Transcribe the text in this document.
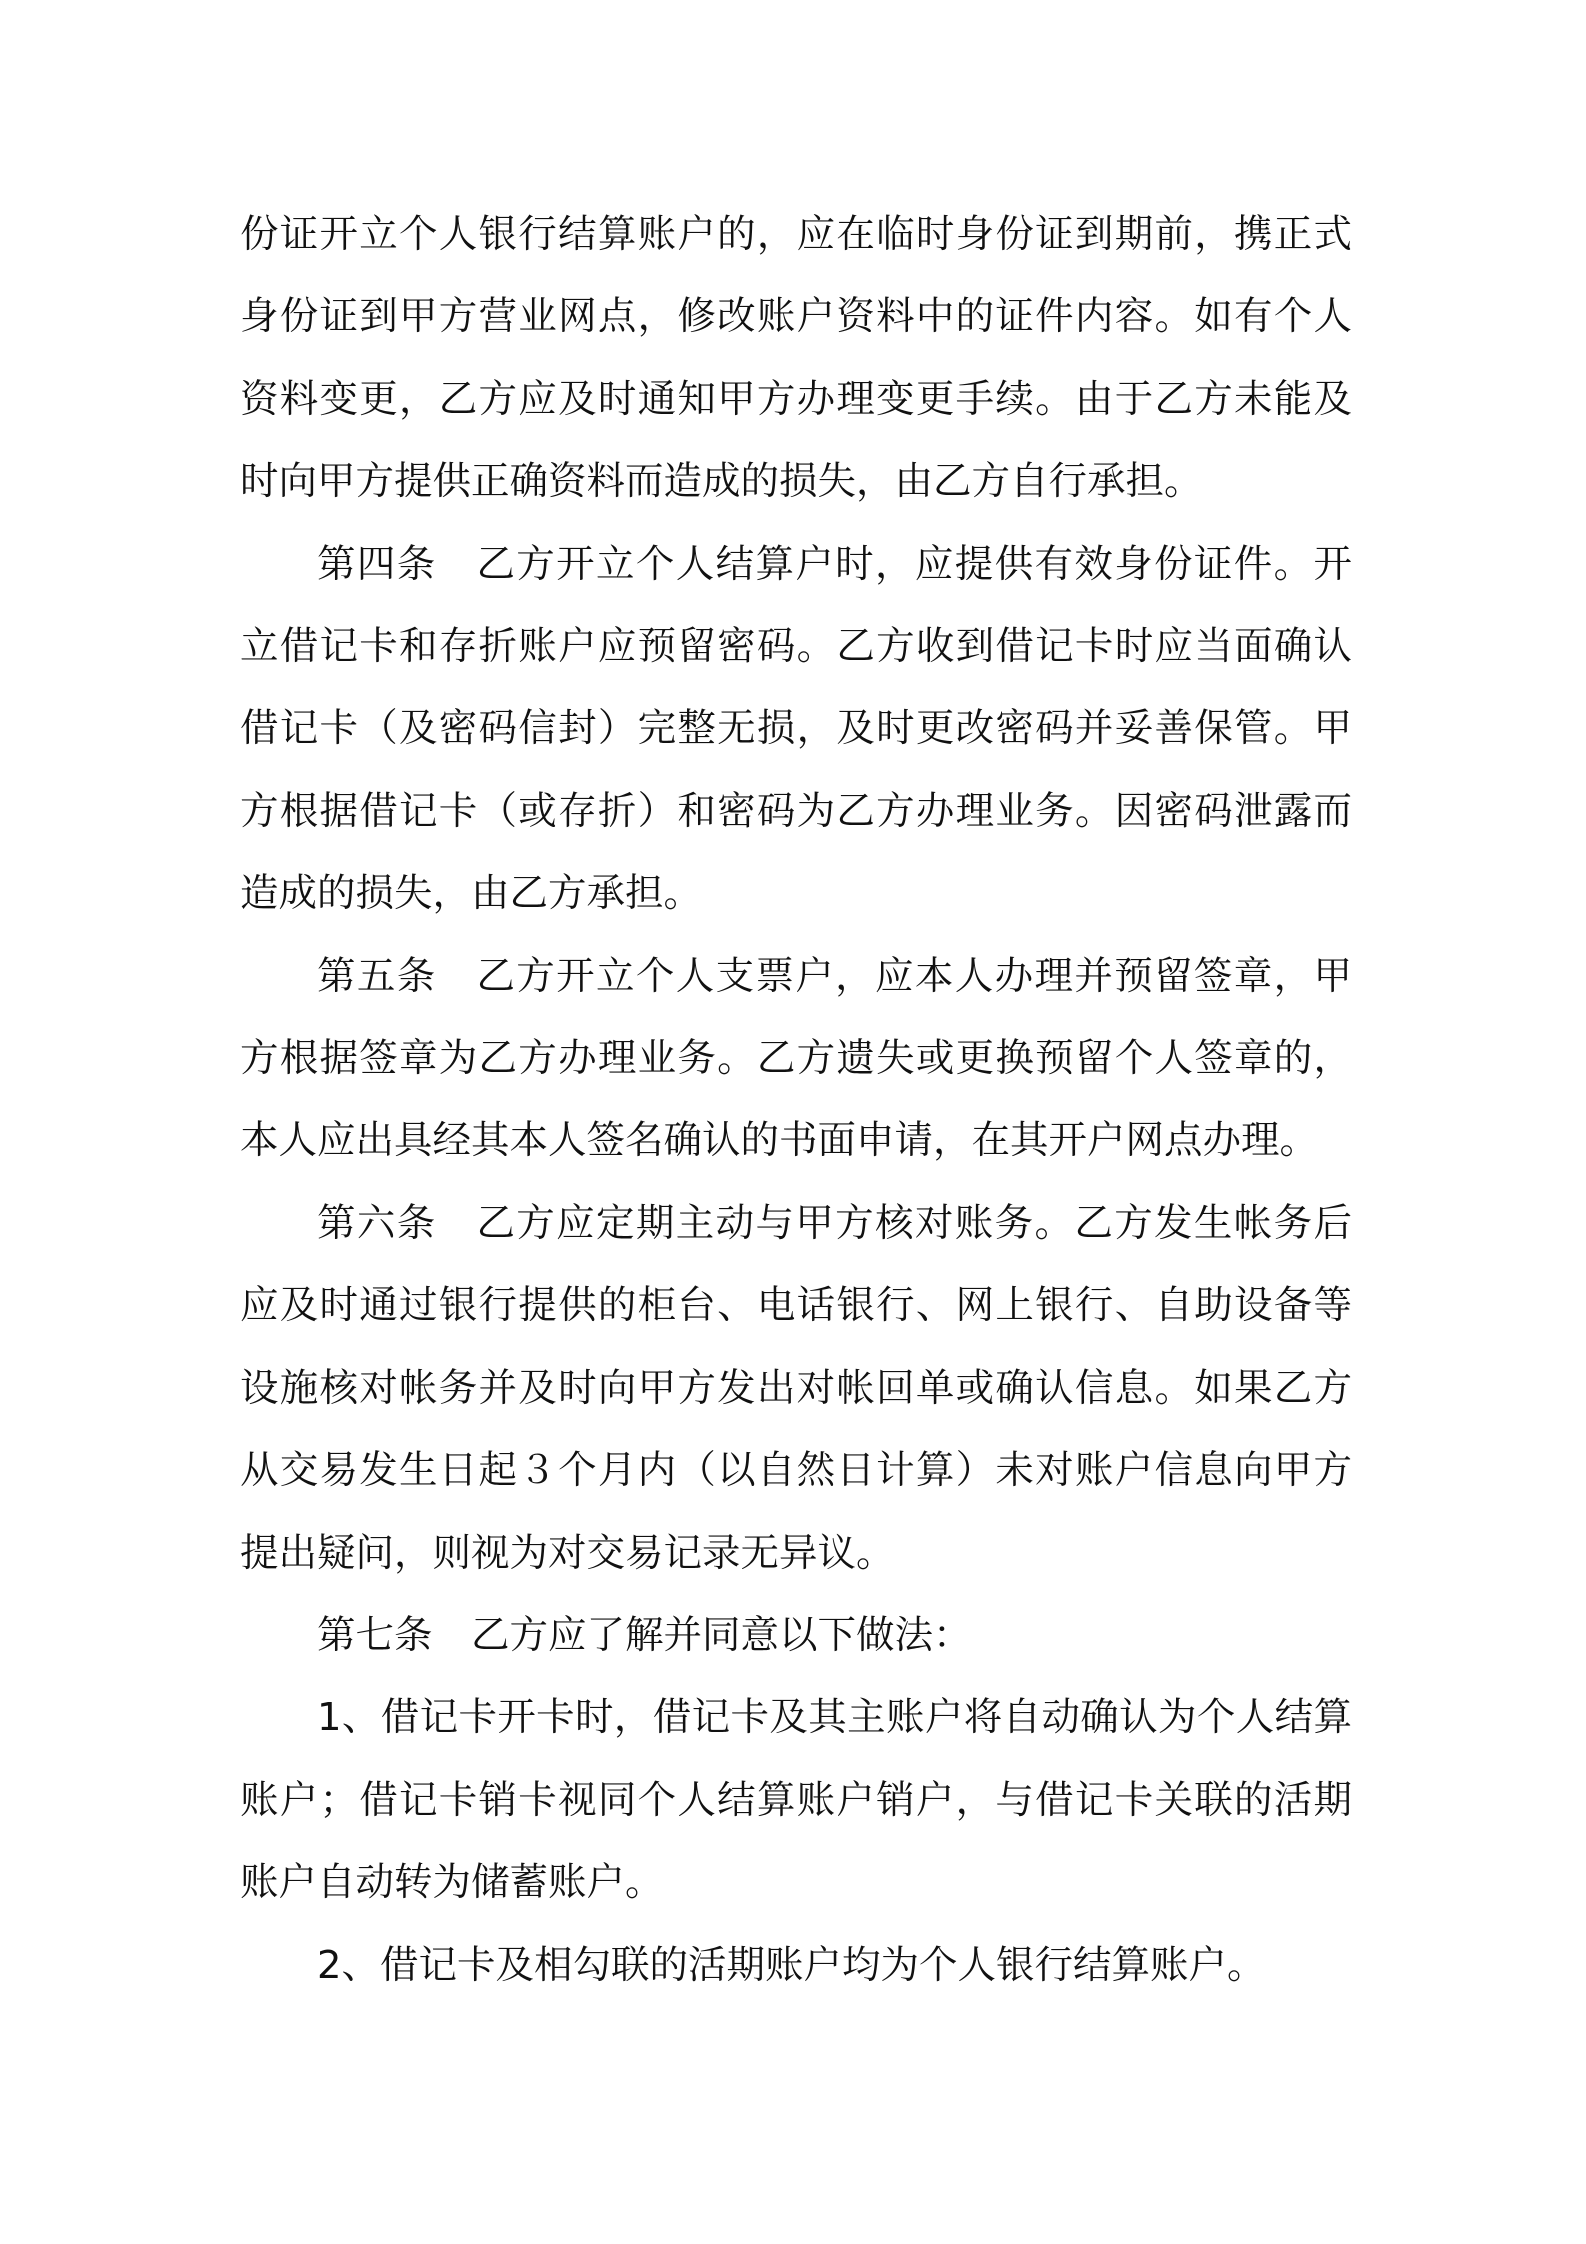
份证开立个人银行结算账户的，应在临时身份证到期前，携正式身份证到甲方营业网点，修改账户资料中的证件内容。如有个人资料变更，乙方应及时通知甲方办理变更手续。由于乙方未能及时向甲方提供正确资料而造成的损失，由乙方自行承担。

第四条　乙方开立个人结算户时，应提供有效身份证件。开立借记卡和存折账户应预留密码。乙方收到借记卡时应当面确认借记卡（及密码信封）完整无损，及时更改密码并妥善保管。甲方根据借记卡（或存折）和密码为乙方办理业务。因密码泄露而造成的损失，由乙方承担。

第五条　乙方开立个人支票户，应本人办理并预留签章，甲方根据签章为乙方办理业务。乙方遗失或更换预留个人签章的，本人应出具经其本人签名确认的书面申请，在其开户网点办理。

第六条　乙方应定期主动与甲方核对账务。乙方发生帐务后应及时通过银行提供的柜台、电话银行、网上银行、自助设备等设施核对帐务并及时向甲方发出对帐回单或确认信息。如果乙方从交易发生日起３个月内（以自然日计算）未对账户信息向甲方提出疑问，则视为对交易记录无异议。

第七条　乙方应了解并同意以下做法：

1、借记卡开卡时，借记卡及其主账户将自动确认为个人结算账户；借记卡销卡视同个人结算账户销户，与借记卡关联的活期账户自动转为储蓄账户。

2、借记卡及相勾联的活期账户均为个人银行结算账户。
